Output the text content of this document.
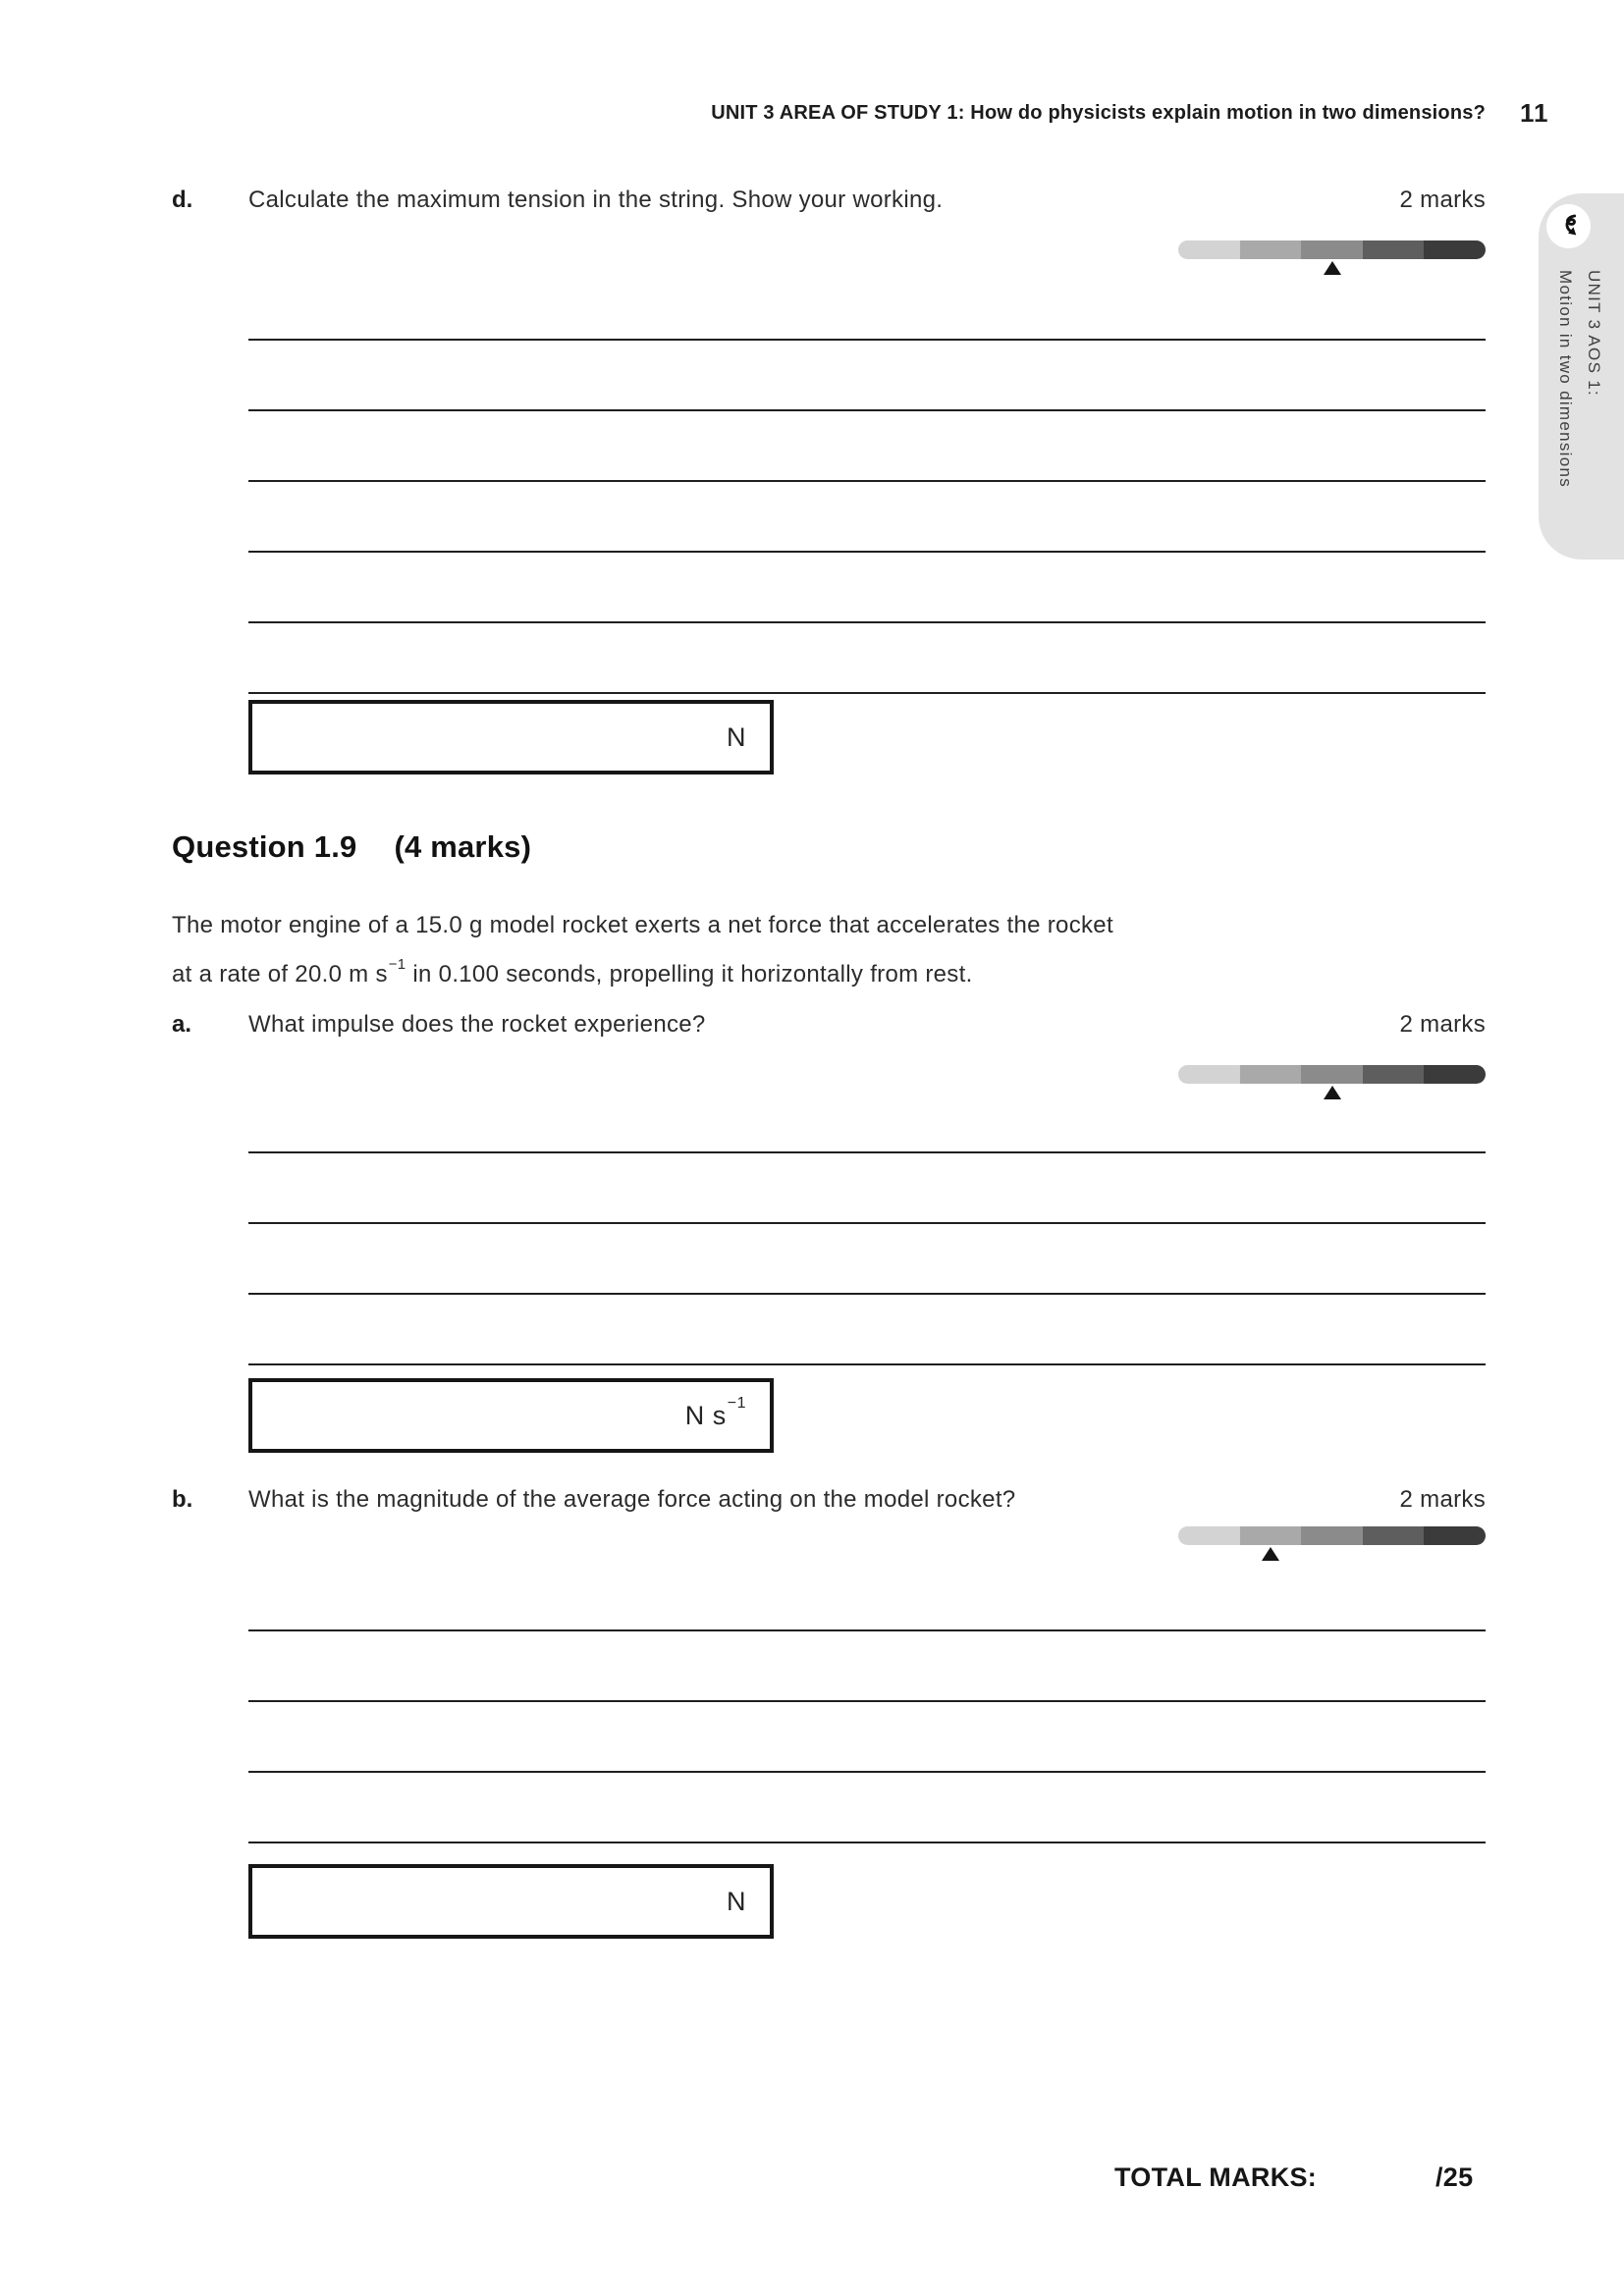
UNIT 3 AREA OF STUDY 1: How do physicists explain motion in two dimensions? 11
UNIT 3 AOS 1:
Motion in two dimensions
d. Calculate the maximum tension in the string. Show your working.	2 marks
N
Question 1.9 (4 marks)
The motor engine of a 15.0 g model rocket exerts a net force that accelerates the rocket
at a rate of 20.0 m $s^{-1}$ in 0.100 seconds, propelling it horizontally from rest.
a. What impulse does the rocket experience?	2 marks
N s −1
b. What is the magnitude of the average force acting on the model rocket?	2 marks
N
TOTAL MARKS:	/25
